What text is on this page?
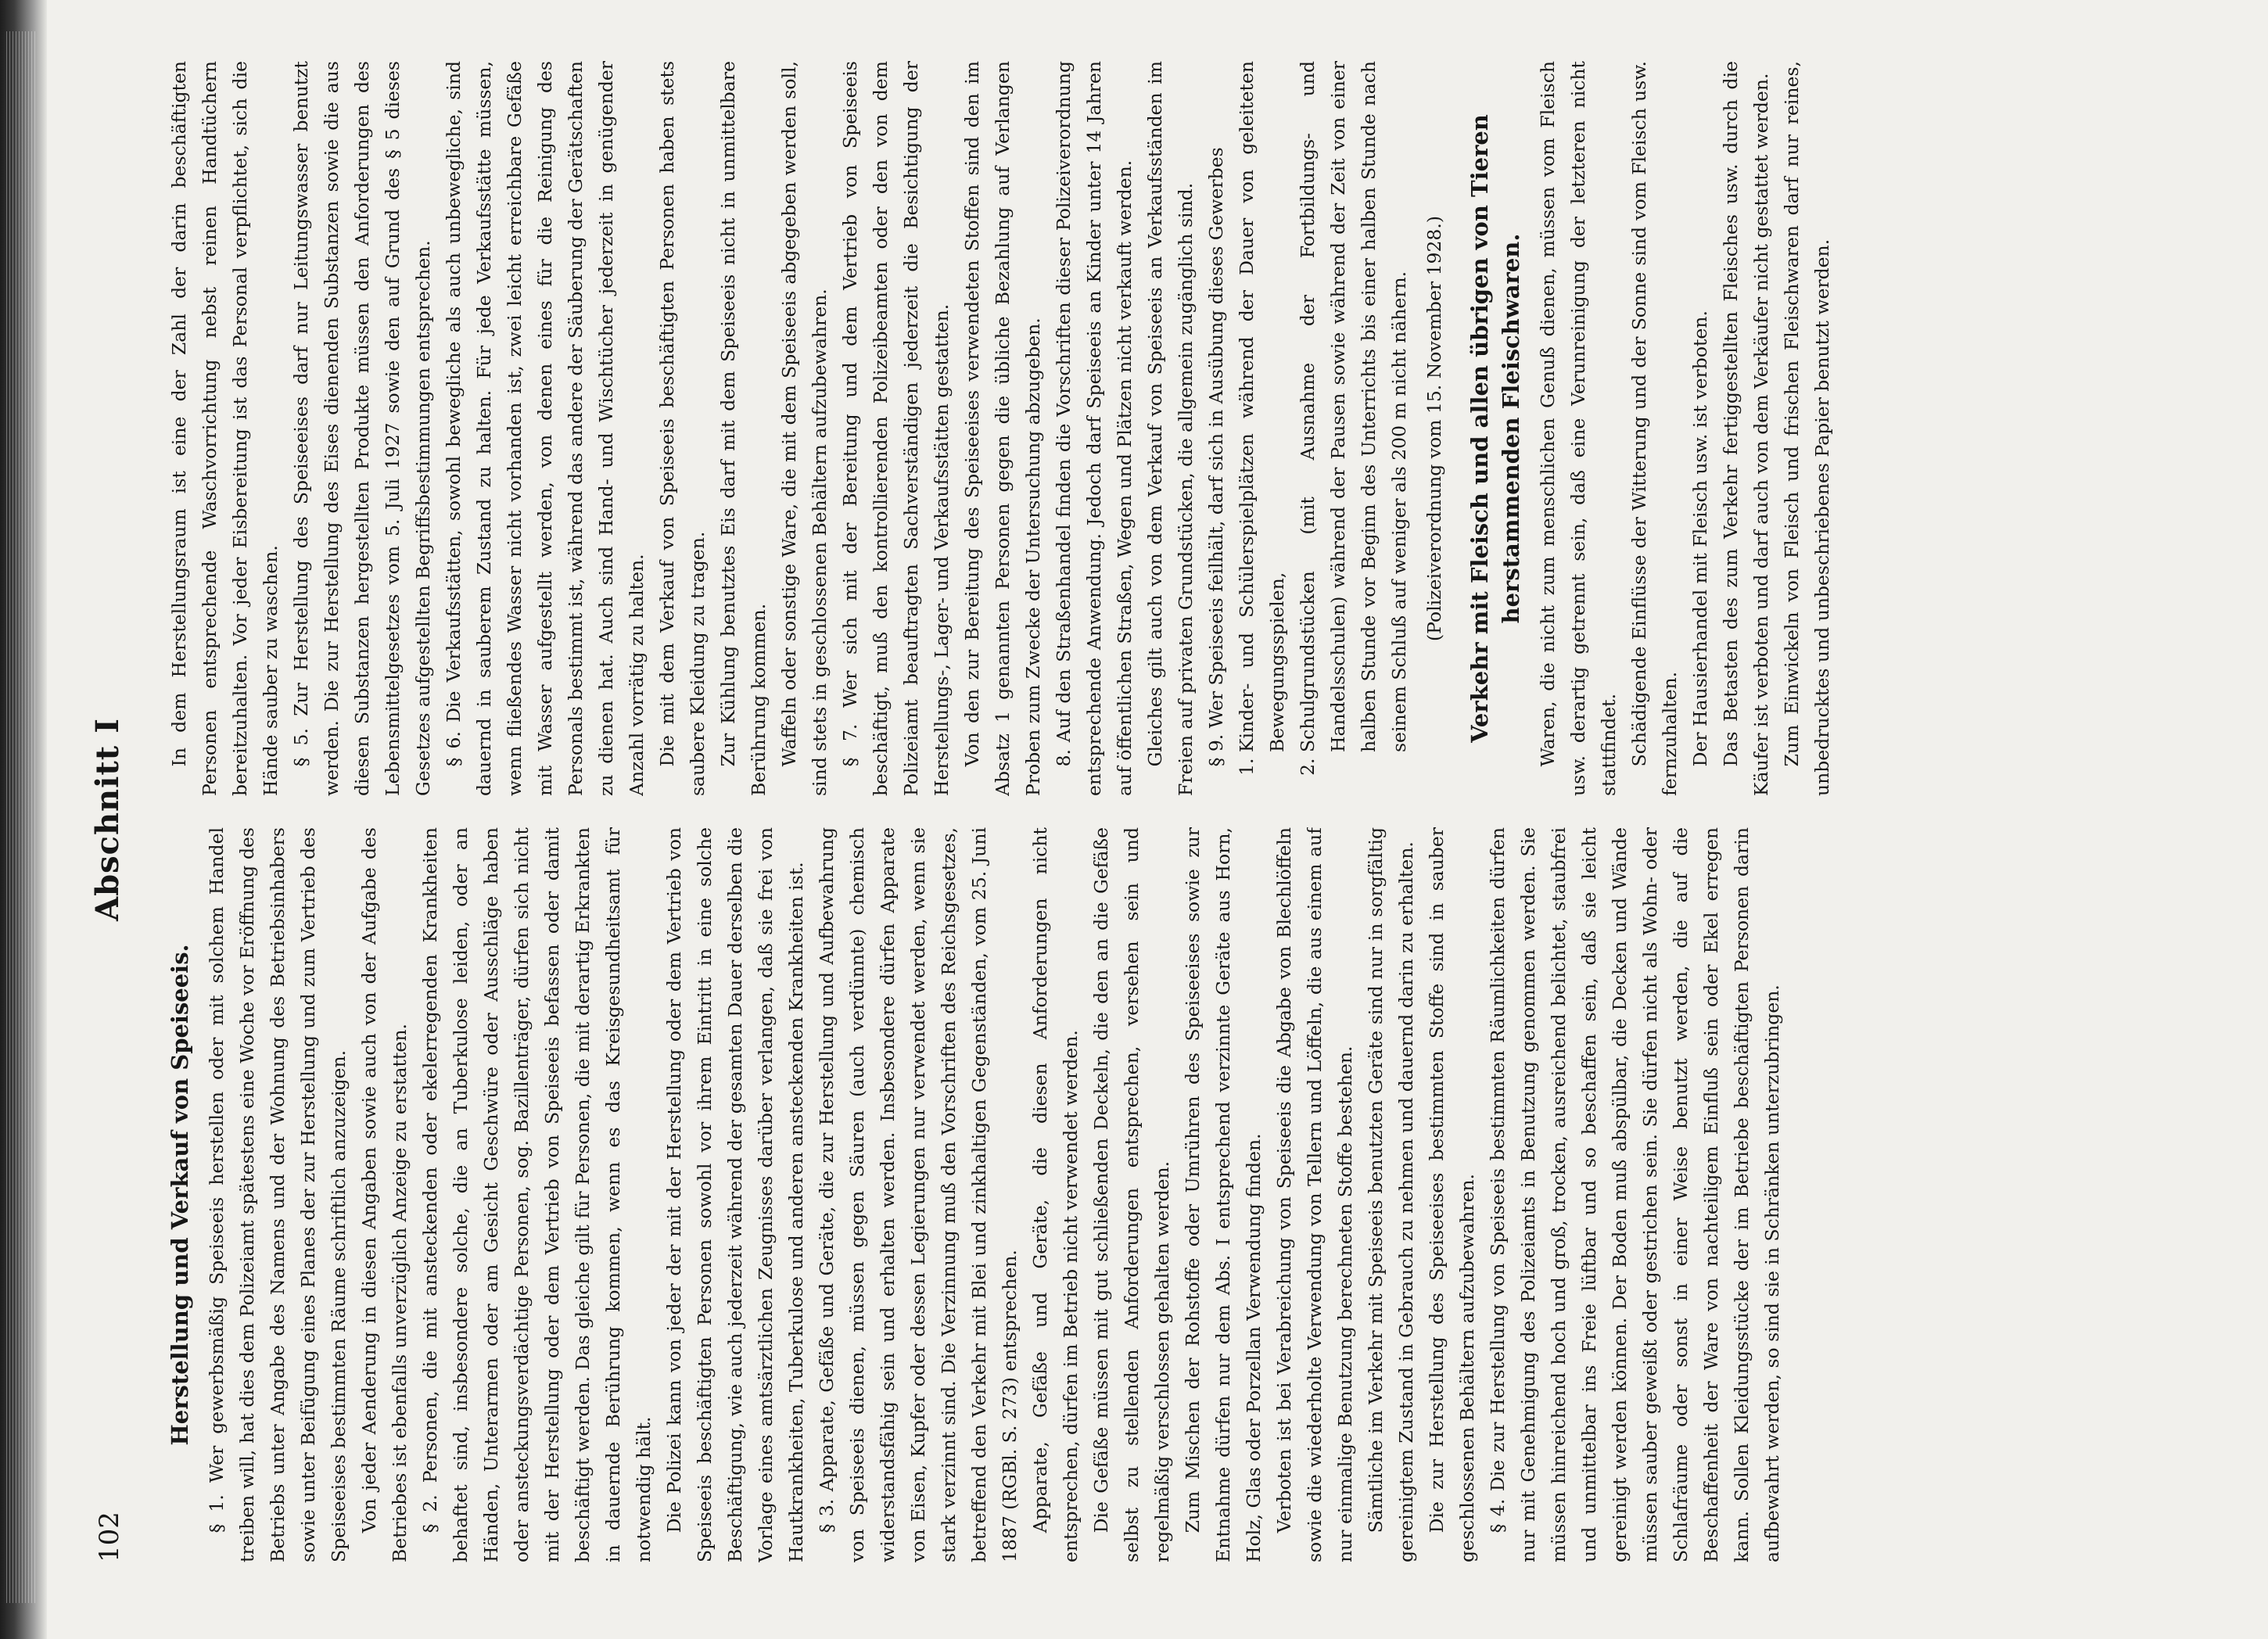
102
Abschnitt I
Herstellung und Verkauf von Speiseeis. § 1. Wer gewerbsmäßig Speiseeis herstellen oder mit solchem Handel treiben will, hat dies dem Polizeiamt spätestens eine Woche vor Eröffnung des Betriebs unter Angabe des Namens und der Wohnung des Betriebsinhabers sowie unter Beifügung eines Planes der zur Herstellung und zum Vertrieb des Speiseeises bestimmten Räume schriftlich anzuzeigen. Von jeder Aenderung in diesen Angaben sowie auch von der Aufgabe des Betriebes ist ebenfalls unverzüglich Anzeige zu erstatten. § 2. Personen, die mit ansteckenden oder ekelerregenden Krankheiten behaftet sind, insbesondere solche, die an Tuberkulose leiden, oder an Händen, Unterarmen oder am Gesicht Geschwüre oder Ausschläge haben oder ansteckungsverdächtige Personen, sog. Bazillenträger, dürfen sich nicht mit der Herstellung oder dem Vertrieb von Speiseeis befassen oder damit beschäftigt werden. Das gleiche gilt für Personen, die mit derartig Erkrankten in dauernde Berührung kommen, wenn es das Kreisgesundheitsamt für notwendig hält. Die Polizei kann von jeder der mit der Herstellung oder dem Vertrieb von Speiseeis beschäftigten Personen sowohl vor ihrem Eintritt in eine solche Beschäftigung, wie auch jederzeit während der gesamten Dauer derselben die Vorlage eines amtsärztlichen Zeugnisses darüber verlangen, daß sie frei von Hautkrankheiten, Tuberkulose und anderen ansteckenden Krankheiten ist. § 3. Apparate, Gefäße und Geräte, die zur Herstellung und Aufbewahrung von Speiseeis dienen, müssen gegen Säuren (auch verdünnte) chemisch widerstandsfähig sein und erhalten werden. Insbesondere dürfen Apparate von Eisen, Kupfer oder dessen Legierungen nur verwendet werden, wenn sie stark verzinnt sind. Die Verzinnung muß den Vorschriften des Reichsgesetzes, betreffend den Verkehr mit Blei und zinkhaltigen Gegenständen, vom 25. Juni 1887 (RGBl. S. 273) entsprechen. Apparate, Gefäße und Geräte, die diesen Anforderungen nicht entsprechen, dürfen im Betrieb nicht verwendet werden. Die Gefäße müssen mit gut schließenden Deckeln, die den an die Gefäße selbst zu stellenden Anforderungen entsprechen, versehen sein und regelmäßig verschlossen gehalten werden. Zum Mischen der Rohstoffe oder Umrühren des Speiseeises sowie zur Entnahme dürfen nur dem Abs. I entsprechend verzinnte Geräte aus Horn, Holz, Glas oder Porzellan Verwendung finden. Verboten ist bei Verabreichung von Speiseeis die Abgabe von Blechlöffeln sowie die wiederholte Verwendung von Tellern und Löffeln, die aus einem auf nur einmalige Benutzung berechneten Stoffe bestehen. Sämtliche im Verkehr mit Speiseeis benutzten Geräte sind nur in sorgfältig gereinigtem Zustand in Gebrauch zu nehmen und dauernd darin zu erhalten. Die zur Herstellung des Speiseeises bestimmten Stoffe sind in sauber geschlossenen Behältern aufzubewahren. § 4. Die zur Herstellung von Speiseeis bestimmten Räumlichkeiten dürfen nur mit Genehmigung des Polizeiamts in Benutzung genommen werden. Sie müssen hinreichend hoch und groß, trocken, ausreichend belichtet, staubfrei und unmittelbar ins Freie lüftbar und so beschaffen sein, daß sie leicht gereinigt werden können. Der Boden muß abspülbar, die Decken und Wände müssen sauber geweißt oder gestrichen sein. Sie dürfen nicht als Wohn- oder Schlafräume oder sonst in einer Weise benutzt werden, die auf die Beschaffenheit der Ware von nachteiligem Einfluß sein oder Ekel erregen kann. Sollen Kleidungsstücke der im Betriebe beschäftigten Personen darin aufbewahrt werden, so sind sie in Schränken unterzubringen.

In dem Herstellungsraum ist eine der Zahl der darin beschäftigten Personen entsprechende Waschvorrichtung nebst reinen Handtüchern bereitzuhalten. Vor jeder Eisbereitung ist das Personal verpflichtet, sich die Hände sauber zu waschen. § 5. Zur Herstellung des Speiseeises darf nur Leitungswasser benutzt werden. Die zur Herstellung des Eises dienenden Substanzen sowie die aus diesen Substanzen hergestellten Produkte müssen den Anforderungen des Lebensmittelgesetzes vom 5. Juli 1927 sowie den auf Grund des § 5 dieses Gesetzes aufgestellten Begriffsbestimmungen entsprechen. § 6. Die Verkaufsstätten, sowohl bewegliche als auch unbewegliche, sind dauernd in sauberem Zustand zu halten. Für jede Verkaufsstätte müssen, wenn fließendes Wasser nicht vorhanden ist, zwei leicht erreichbare Gefäße mit Wasser aufgestellt werden, von denen eines für die Reinigung des Personals bestimmt ist, während das andere der Säuberung der Gerätschaften zu dienen hat. Auch sind Hand- und Wischtücher jederzeit in genügender Anzahl vorrätig zu halten. Die mit dem Verkauf von Speiseeis beschäftigten Personen haben stets saubere Kleidung zu tragen. Zur Kühlung benutztes Eis darf mit dem Speiseeis nicht in unmittelbare Berührung kommen. Waffeln oder sonstige Ware, die mit dem Speiseeis abgegeben werden soll, sind stets in geschlossenen Behältern aufzubewahren. § 7. Wer sich mit der Bereitung und dem Vertrieb von Speiseeis beschäftigt, muß den kontrollierenden Polizeibeamten oder den von dem Polizeiamt beauftragten Sachverständigen jederzeit die Besichtigung der Herstellungs-, Lager- und Verkaufsstätten gestatten. Von den zur Bereitung des Speiseeises verwendeten Stoffen sind den im Absatz 1 genannten Personen gegen die übliche Bezahlung auf Verlangen Proben zum Zwecke der Untersuchung abzugeben. 8. Auf den Straßenhandel finden die Vorschriften dieser Polizeiverordnung entsprechende Anwendung. Jedoch darf Speiseeis an Kinder unter 14 Jahren auf öffentlichen Straßen, Wegen und Plätzen nicht verkauft werden. Gleiches gilt auch von dem Verkauf von Speiseeis an Verkaufsständen im Freien auf privaten Grundstücken, die allgemein zugänglich sind. § 9. Wer Speiseeis feilhält, darf sich in Ausübung dieses Gewerbes 1. Kinder- und Schülerspielplätzen während der Dauer von geleiteten Bewegungsspielen, 2. Schulgrundstücken (mit Ausnahme der Fortbildungs- und Handelsschulen) während der Pausen sowie während der Zeit von einer halben Stunde vor Beginn des Unterrichts bis einer halben Stunde nach seinem Schluß auf weniger als 200 m nicht nähern. (Polizeiverordnung vom 15. November 1928.) Verkehr mit Fleisch und allen übrigen von Tieren herstammenden Fleischwaren. Waren, die nicht zum menschlichen Genuß dienen, müssen vom Fleisch usw. derartig getrennt sein, daß eine Verunreinigung der letzteren nicht stattfindet. Schädigende Einflüsse der Witterung und der Sonne sind vom Fleisch usw. fernzuhalten. Der Hausierhandel mit Fleisch usw. ist verboten. Das Betasten des zum Verkehr fertiggestellten Fleisches usw. durch die Käufer ist verboten und darf auch von dem Verkäufer nicht gestattet werden. Zum Einwickeln von Fleisch und frischen Fleischwaren darf nur reines, unbedrucktes und unbeschriebenes Papier benutzt werden.
